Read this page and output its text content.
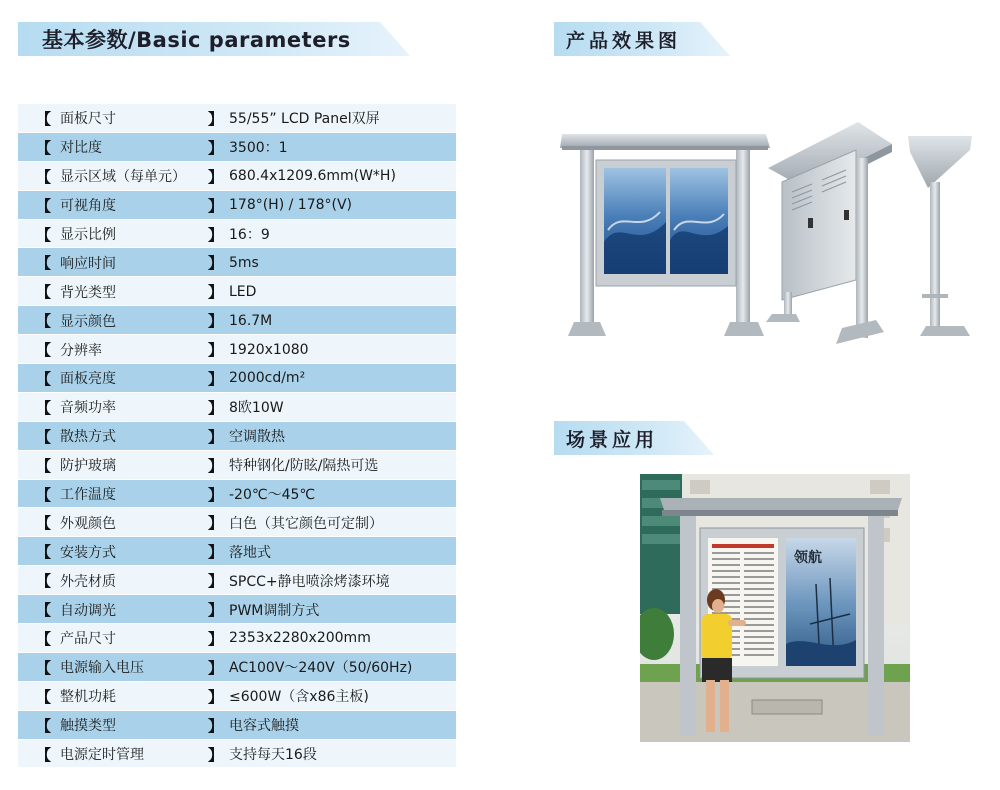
基本参数/Basic parameters	产品效果图
场景应用
【 面板尺寸	】 55/55” LCD Panel双屏
【 对比度	】 3500：1
【 显示区域（每单元） 】 680.4x1209.6mm(W*H)
【 可视角度	】 178°(H) / 178°(V)
【 显示比例	】 16：9
【 响应时间	】 5ms
【 背光类型	】 LED
【 显示颜色	】 16.7M
【 分辨率	】 1920x1080
【 面板亮度	】 2000cd/m²
【 音频功率	】 8欧10W
【 散热方式	】 空调散热
【 防护玻璃	】 特种钢化/防眩/隔热可选
【 工作温度	】 -20℃～45℃
【 外观颜色	】 白色（其它颜色可定制）
【 安装方式	】 落地式
【 外壳材质	】 SPCC+静电喷涂烤漆环境
【 自动调光	】 PWM调制方式
【 产品尺寸	】 2353x2280x200mm
【 电源输入电压	】 AC100V～240V（50/60Hz)
【 整机功耗	】 ≤600W（含x86主板)
【 触摸类型	】 电容式触摸
【 电源定时管理	】 支持每天16段
领航
